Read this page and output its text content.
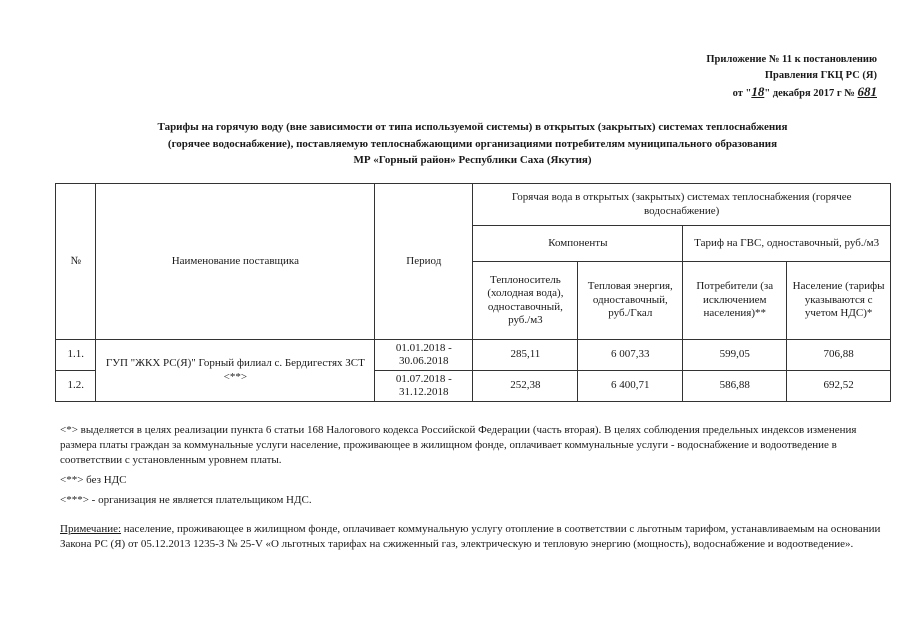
Приложение № 11 к постановлению
Правления ГКЦ РС (Я)
от "18" декабря 2017 г № 681
Тарифы на горячую воду (вне зависимости от типа используемой системы) в открытых (закрытых) системах теплоснабжения
(горячее водоснабжение), поставляемую теплоснабжающими организациями потребителям муниципального образования
МР «Горный район» Республики Саха (Якутия)
№	Наименование поставщика	Период	Горячая вода в открытых (закрытых) системах теплоснабжения (горячее водоснабжение)			
			Компоненты		Тариф на ГВС, одноставочный, руб./м3	
			Теплоноситель (холодная вода), одноставочный, руб./м3	Тепловая энергия, одноставочный, руб./Гкал	Потребители (за исключением населения)**	Население (тарифы указываются с учетом НДС)*
1.1.	ГУП "ЖКХ РС(Я)" Горный филиал с. Бердигестях ЗСТ <**>	01.01.2018 - 30.06.2018	285,11	6 007,33	599,05	706,88
1.2.		01.07.2018 - 31.12.2018	252,38	6 400,71	586,88	692,52

<*> выделяется в целях реализации пункта 6 статьи 168 Налогового кодекса Российской Федерации (часть вторая). В целях соблюдения предельных индексов изменения размера платы граждан за коммунальные услуги население, проживающее в жилищном фонде, оплачивает коммунальные услуги - водоснабжение и водоотведение в соответствии с установленным уровнем платы.

<**> без НДС

<***> - организация не является плательщиком НДС.

Примечание: население, проживающее в жилищном фонде, оплачивает коммунальную услугу отопление в соответствии с льготным тарифом, устанавливаемым на основании Закона РС (Я) от 05.12.2013 1235-З № 25-V «О льготных тарифах на сжиженный газ, электрическую и тепловую энергию (мощность), водоснабжение и водоотведение».
